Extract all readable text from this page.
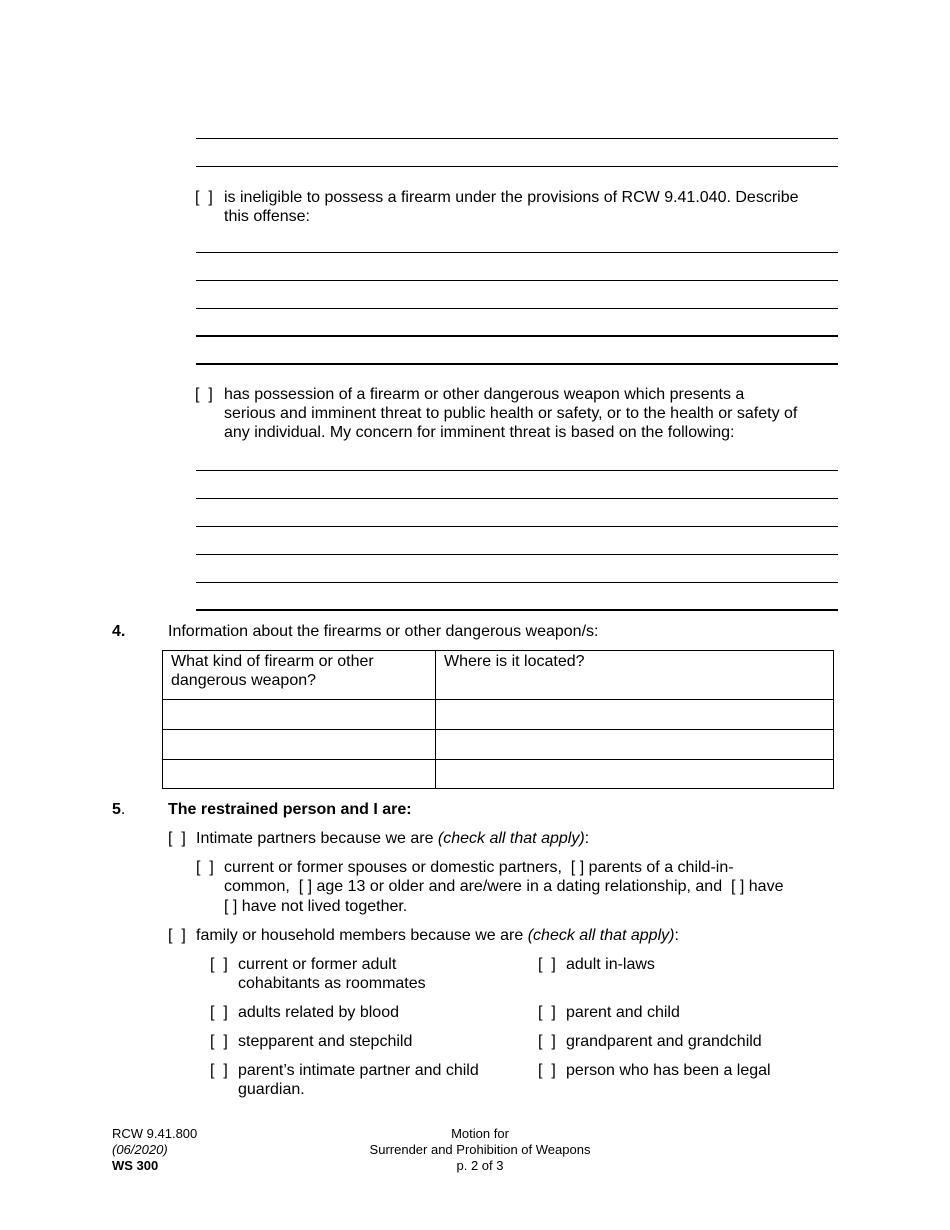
[  ] is ineligible to possess a firearm under the provisions of RCW 9.41.040. Describe
this offense:
[  ] has possession of a firearm or other dangerous weapon which presents a
serious and imminent threat to public health or safety, or to the health or safety of
any individual. My concern for imminent threat is based on the following:
4.	Information about the firearms or other dangerous weapon/s:
What kind of firearm or other
dangerous weapon?	Where is it located?

5.	The restrained person and I are:
[  ] Intimate partners because we are (check all that apply):
[  ] current or former spouses or domestic partners, [ ] parents of a child-in-
common, [ ] age 13 or older and are/were in a dating relationship, and [ ] have
[ ] have not lived together.
[  ] family or household members because we are (check all that apply):
[  ] current or former adult
cohabitants as roommates
[  ] adults related by blood
[  ] stepparent and stepchild
[  ] parent’s intimate partner and child
guardian.
[  ] adult in-laws
[  ] parent and child
[  ] grandparent and grandchild
[  ] person who has been a legal
RCW 9.41.800
(06/2020)
WS 300
Motion for
Surrender and Prohibition of Weapons
p. 2 of 3
